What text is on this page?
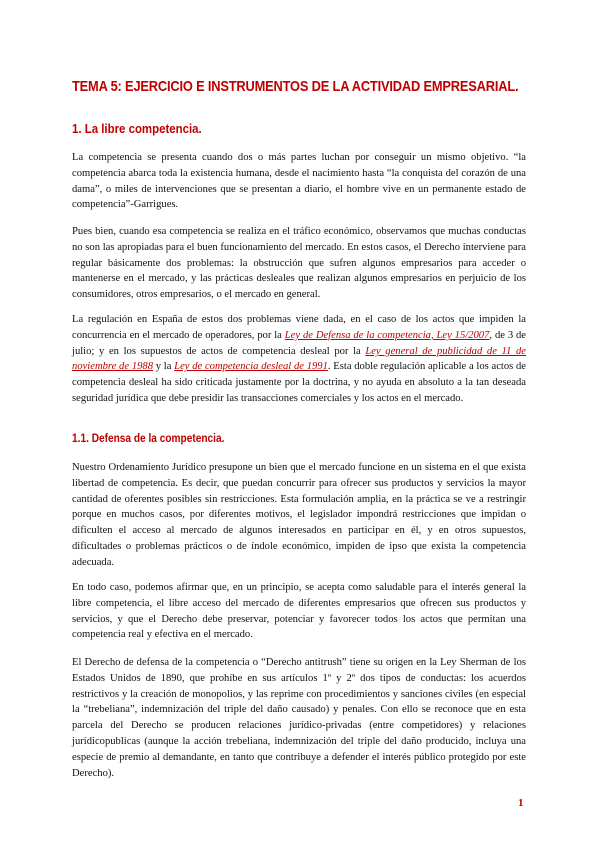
TEMA 5: EJERCICIO E INSTRUMENTOS DE LA ACTIVIDAD EMPRESARIAL.
1. La libre competencia.

La competencia se presenta cuando dos o más partes luchan por conseguir un mismo objetivo. “la competencia abarca toda la existencia humana, desde el nacimiento hasta “la conquista del corazón de una dama”, o miles de intervenciones que se presentan a diario, el hombre vive en un permanente estado de competencia”-Garrigues.

Pues bien, cuando esa competencia se realiza en el tráfico económico, observamos que muchas conductas no son las apropiadas para el buen funcionamiento del mercado. En estos casos, el Derecho interviene para regular básicamente dos problemas: la obstrucción que sufren algunos empresarios para acceder o mantenerse en el mercado, y las prácticas desleales que realizan algunos empresarios en perjuicio de los consumidores, otros empresarios, o el mercado en general.

La regulación en España de estos dos problemas viene dada, en el caso de los actos que impiden la concurrencia en el mercado de operadores, por la Ley de Defensa de la competencia, Ley 15/2007, de 3 de julio; y en los supuestos de actos de competencia desleal por la Ley general de publicidad de 11 de noviembre de 1988 y la Ley de competencia desleal de 1991. Esta doble regulación aplicable a los actos de competencia desleal ha sido criticada justamente por la doctrina, y no ayuda en absoluto a la tan deseada seguridad jurídica que debe presidir las transacciones comerciales y los actos en el mercado.

1.1. Defensa de la competencia.

Nuestro Ordenamiento Jurídico presupone un bien que el mercado funcione en un sistema en el que exista libertad de competencia. Es decir, que puedan concurrir para ofrecer sus productos y servicios la mayor cantidad de oferentes posibles sin restricciones. Esta formulación amplia, en la práctica se ve a restringir porque en muchos casos, por diferentes motivos, el legislador impondrá restricciones que impidan o dificulten el acceso al mercado de algunos interesados en participar en él, y en otros supuestos, dificultades o problemas prácticos o de índole económico, impiden de ipso que exista la competencia adecuada.

En todo caso, podemos afirmar que, en un principio, se acepta como saludable para el interés general la libre competencia, el libre acceso del mercado de diferentes empresarios que ofrecen sus productos y servicios, y que el Derecho debe preservar, potenciar y favorecer todos los actos que permitan una competencia real y efectiva en el mercado.

El Derecho de defensa de la competencia o “Derecho antitrush” tiene su origen en la Ley Sherman de los Estados Unidos de 1890, que prohíbe en sus artículos 1º y 2º dos tipos de conductas: los acuerdos restrictivos y la creación de monopolios, y las reprime con procedimientos y sanciones civiles (en especial la “trebeliana”, indemnización del triple del daño causado) y penales. Con ello se reconoce que en esta parcela del Derecho se producen relaciones jurídico-privadas (entre competidores) y relaciones jurídicopublicas (aunque la acción trebeliana, indemnización del triple del daño producido, incluya una especie de premio al demandante, en tanto que contribuye a defender el interés público protegido por este Derecho).

1
